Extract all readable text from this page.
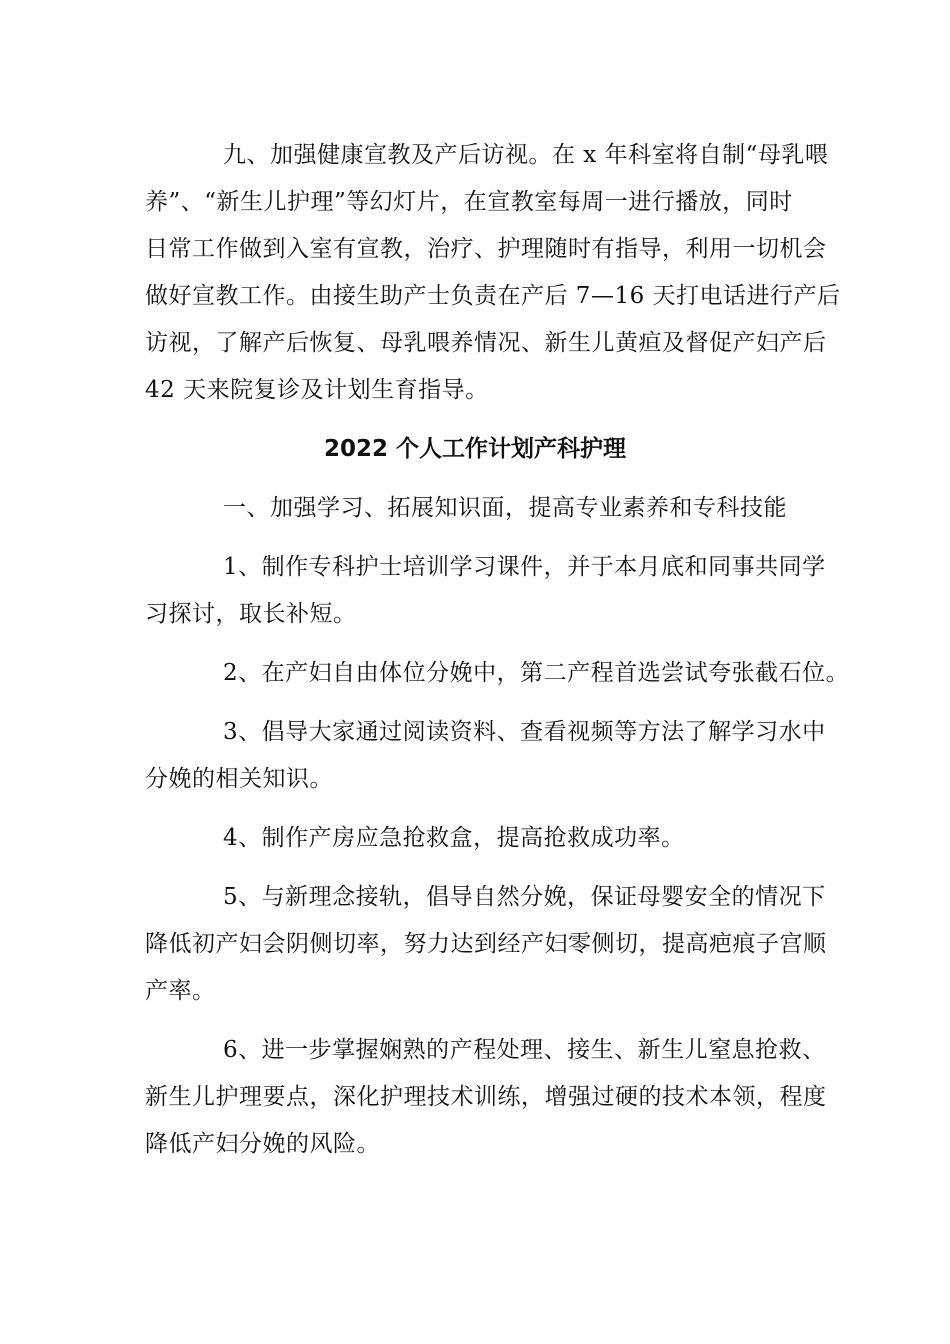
九、加强健康宣教及产后访视。在 x 年科室将自制“母乳喂
养”、“新生儿护理”等幻灯片，在宣教室每周一进行播放，同时
日常工作做到入室有宣教，治疗、护理随时有指导，利用一切机会
做好宣教工作。由接生助产士负责在产后 7—16 天打电话进行产后
访视，了解产后恢复、母乳喂养情况、新生儿黄疸及督促产妇产后
42 天来院复诊及计划生育指导。

2022 个人工作计划产科护理

一、加强学习、拓展知识面，提高专业素养和专科技能

1、制作专科护士培训学习课件，并于本月底和同事共同学
习探讨，取长补短。

2、在产妇自由体位分娩中，第二产程首选尝试夸张截石位。

3、倡导大家通过阅读资料、查看视频等方法了解学习水中
分娩的相关知识。

4、制作产房应急抢救盒，提高抢救成功率。

5、与新理念接轨，倡导自然分娩，保证母婴安全的情况下
降低初产妇会阴侧切率，努力达到经产妇零侧切，提高疤痕子宫顺
产率。

6、进一步掌握娴熟的产程处理、接生、新生儿窒息抢救、
新生儿护理要点，深化护理技术训练，增强过硬的技术本领，程度
降低产妇分娩的风险。
